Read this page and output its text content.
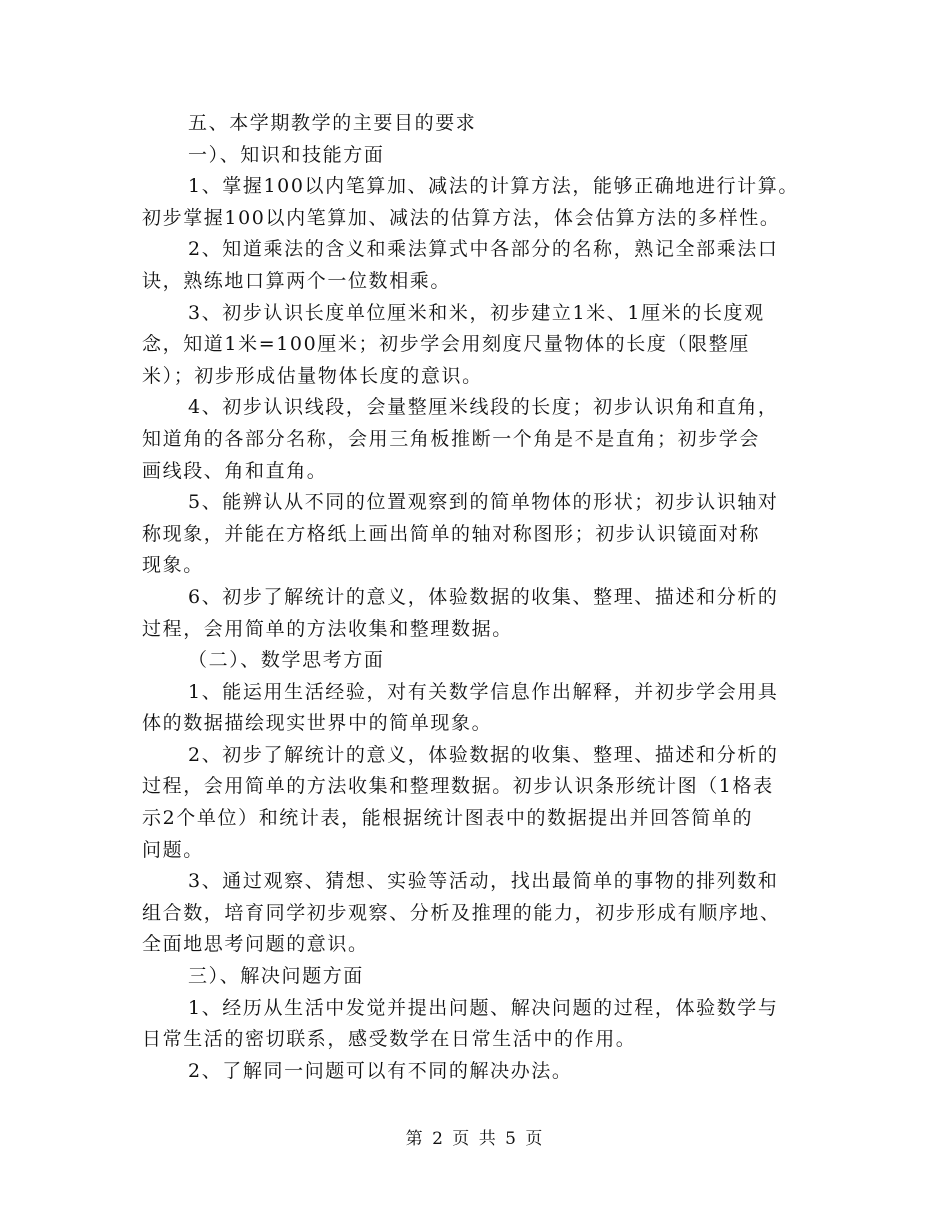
五、本学期教学的主要目的要求
一）、知识和技能方面
1、掌握100以内笔算加、减法的计算方法，能够正确地进行计算。
初步掌握100以内笔算加、减法的估算方法，体会估算方法的多样性。
2、知道乘法的含义和乘法算式中各部分的名称，熟记全部乘法口
诀，熟练地口算两个一位数相乘。
3、初步认识长度单位厘米和米，初步建立1米、1厘米的长度观
念，知道1米=100厘米；初步学会用刻度尺量物体的长度（限整厘
米）；初步形成估量物体长度的意识。
4、初步认识线段，会量整厘米线段的长度；初步认识角和直角，
知道角的各部分名称，会用三角板推断一个角是不是直角；初步学会
画线段、角和直角。
5、能辨认从不同的位置观察到的简单物体的形状；初步认识轴对
称现象，并能在方格纸上画出简单的轴对称图形；初步认识镜面对称
现象。
6、初步了解统计的意义，体验数据的收集、整理、描述和分析的
过程，会用简单的方法收集和整理数据。
（二）、数学思考方面
1、能运用生活经验，对有关数学信息作出解释，并初步学会用具
体的数据描绘现实世界中的简单现象。
2、初步了解统计的意义，体验数据的收集、整理、描述和分析的
过程，会用简单的方法收集和整理数据。初步认识条形统计图（1格表
示2个单位）和统计表，能根据统计图表中的数据提出并回答简单的
问题。
3、通过观察、猜想、实验等活动，找出最简单的事物的排列数和
组合数，培育同学初步观察、分析及推理的能力，初步形成有顺序地、
全面地思考问题的意识。
三）、解决问题方面
1、经历从生活中发觉并提出问题、解决问题的过程，体验数学与
日常生活的密切联系，感受数学在日常生活中的作用。
2、了解同一问题可以有不同的解决办法。
第 2 页 共 5 页
